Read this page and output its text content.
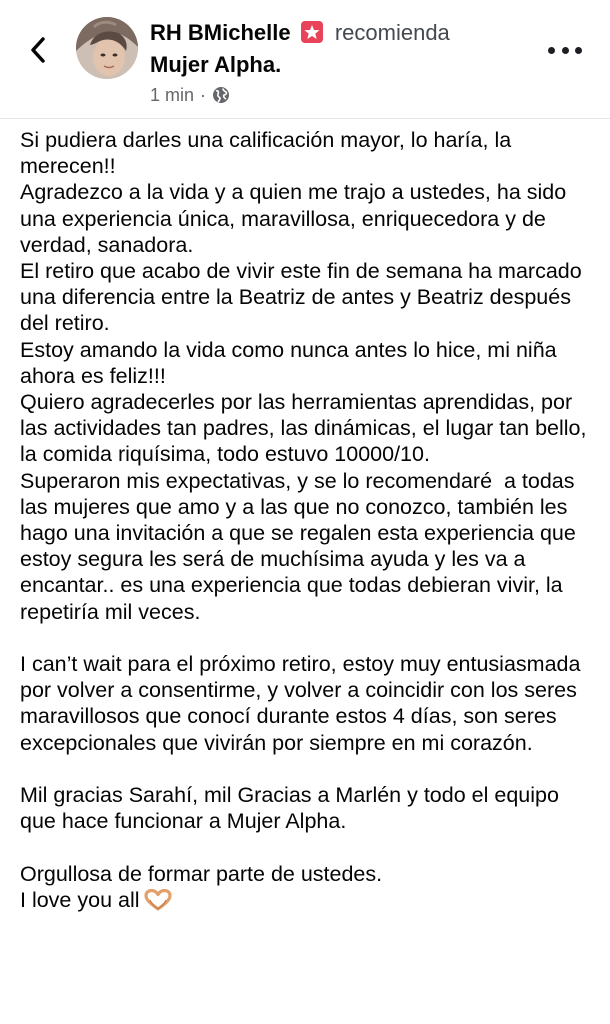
RH BMichelle recomienda
Mujer Alpha.
1 min ·

Si pudiera darles una calificación mayor, lo haría, la merecen!!

Agradezco a la vida y a quien me trajo a ustedes, ha sido una experiencia única, maravillosa, enriquecedora y de verdad, sanadora.

El retiro que acabo de vivir este fin de semana ha marcado una diferencia entre la Beatriz de antes y Beatriz después del retiro.

Estoy amando la vida como nunca antes lo hice, mi niña ahora es feliz!!!

Quiero agradecerles por las herramientas aprendidas, por las actividades tan padres, las dinámicas, el lugar tan bello, la comida riquísima, todo estuvo 10000/10.

Superaron mis expectativas, y se lo recomendaré  a todas las mujeres que amo y a las que no conozco, también les hago una invitación a que se regalen esta experiencia que estoy segura les será de muchísima ayuda y les va a encantar.. es una experiencia que todas debieran vivir, la repetiría mil veces.

I can’t wait para el próximo retiro, estoy muy entusiasmada por volver a consentirme, y volver a coincidir con los seres maravillosos que conocí durante estos 4 días, son seres excepcionales que vivirán por siempre en mi corazón.

Mil gracias Sarahí, mil Gracias a Marlén y todo el equipo que hace funcionar a Mujer Alpha.

Orgullosa de formar parte de ustedes.

I love you all
